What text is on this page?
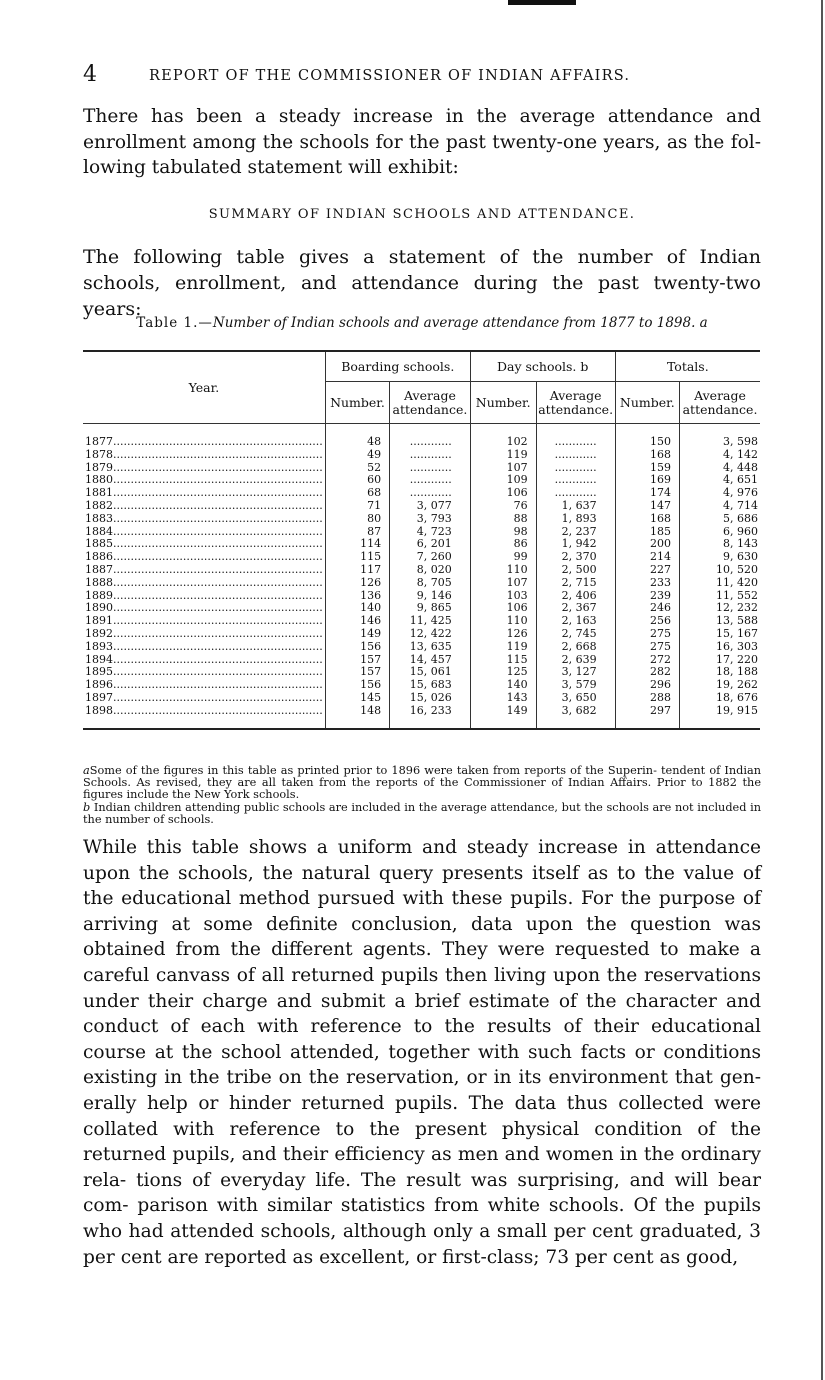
4	REPORT OF THE COMMISSIONER OF INDIAN AFFAIRS.
There has been a steady increase in the average attendance and enrollment among the schools for the past twenty-one years, as the fol- lowing tabulated statement will exhibit:
SUMMARY OF INDIAN SCHOOLS AND ATTENDANCE.
The following table gives a statement of the number of Indian schools, enrollment, and attendance during the past twenty-two years:
Table 1.—Number of Indian schools and average attendance from 1877 to 1898. a
Year.	Boarding schools.		Day schools. b		Totals.	
	Number.	Average attendance.	Number.	Average attendance.	Number.	Average attendance.
1877............................................................	48	............	102	............	150	3, 598
1878............................................................	49	............	119	............	168	4, 142
1879............................................................	52	............	107	............	159	4, 448
1880............................................................	60	............	109	............	169	4, 651
1881............................................................	68	............	106	............	174	4, 976
1882............................................................	71	3, 077	76	1, 637	147	4, 714
1883............................................................	80	3, 793	88	1, 893	168	5, 686
1884............................................................	87	4, 723	98	2, 237	185	6, 960
1885............................................................	114	6, 201	86	1, 942	200	8, 143
1886............................................................	115	7, 260	99	2, 370	214	9, 630
1887............................................................	117	8, 020	110	2, 500	227	10, 520
1888............................................................	126	8, 705	107	2, 715	233	11, 420
1889............................................................	136	9, 146	103	2, 406	239	11, 552
1890............................................................	140	9, 865	106	2, 367	246	12, 232
1891............................................................	146	11, 425	110	2, 163	256	13, 588
1892............................................................	149	12, 422	126	2, 745	275	15, 167
1893............................................................	156	13, 635	119	2, 668	275	16, 303
1894............................................................	157	14, 457	115	2, 639	272	17, 220
1895............................................................	157	15, 061	125	3, 127	282	18, 188
1896............................................................	156	15, 683	140	3, 579	296	19, 262
1897............................................................	145	15, 026	143	3, 650	288	18, 676
1898............................................................	148	16, 233	149	3, 682	297	19, 915

aSome of the figures in this table as printed prior to 1896 were taken from reports of the Superin- tendent of Indian Schools. As revised, they are all taken from the reports of the Commissioner of Indian Affairs. Prior to 1882 the figures include the New York schools.

b Indian children attending public schools are included in the average attendance, but the schools are not included in the number of schools.

While this table shows a uniform and steady increase in attendance upon the schools, the natural query presents itself as to the value of the educational method pursued with these pupils. For the purpose of arriving at some definite conclusion, data upon the question was obtained from the different agents. They were requested to make a careful canvass of all returned pupils then living upon the reservations under their charge and submit a brief estimate of the character and conduct of each with reference to the results of their educational course at the school attended, together with such facts or conditions existing in the tribe on the reservation, or in its environment that gen- erally help or hinder returned pupils. The data thus collected were collated with reference to the present physical condition of the returned pupils, and their efficiency as men and women in the ordinary rela- tions of everyday life. The result was surprising, and will bear com- parison with similar statistics from white schools. Of the pupils who had attended schools, although only a small per cent graduated, 3 per cent are reported as excellent, or first-class; 73 per cent as good,
